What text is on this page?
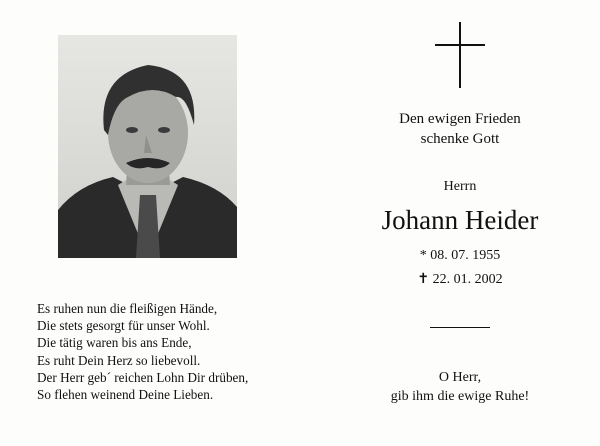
Es ruhen nun die fleißigen Hände,
Die stets gesorgt für unser Wohl.
Die tätig waren bis ans Ende,
Es ruht Dein Herz so liebevoll.
Der Herr geb´ reichen Lohn Dir drüben,
So flehen weinend Deine Lieben.
Den ewigen Frieden
schenke Gott
Herrn
Johann Heider
* 08. 07. 1955
✝ 22. 01. 2002
O Herr,
gib ihm die ewige Ruhe!
